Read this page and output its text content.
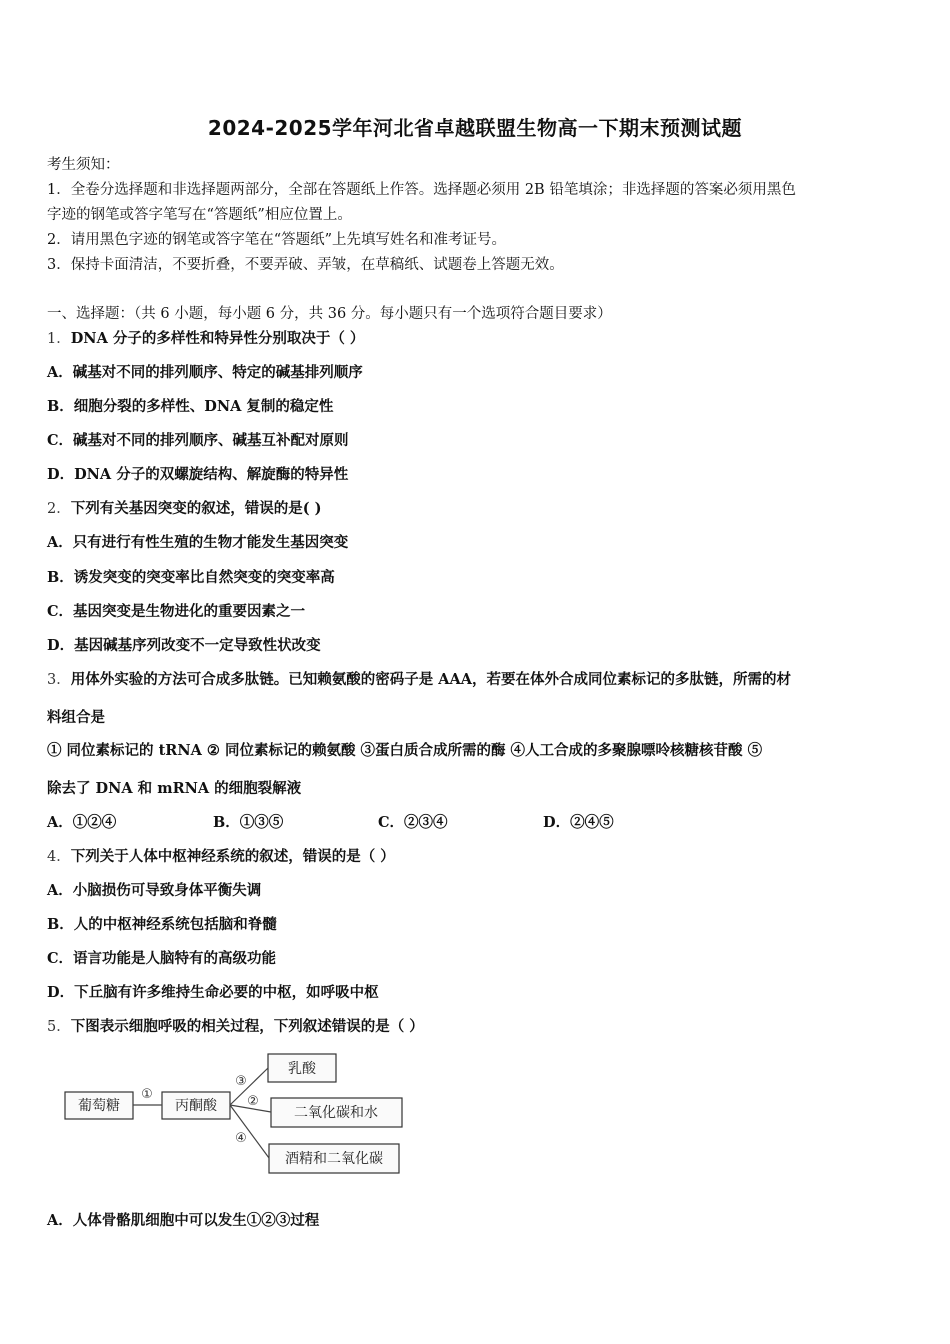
2024-2025学年河北省卓越联盟生物高一下期末预测试题
考生须知：
1．全卷分选择题和非选择题两部分，全部在答题纸上作答。选择题必须用 2B 铅笔填涂；非选择题的答案必须用黑色
字迹的钢笔或答字笔写在“答题纸”相应位置上。
2．请用黑色字迹的钢笔或答字笔在“答题纸”上先填写姓名和准考证号。
3．保持卡面清洁，不要折叠，不要弄破、弄皱，在草稿纸、试题卷上答题无效。
一、选择题：（共 6 小题，每小题 6 分，共 36 分。每小题只有一个选项符合题目要求）
1．DNA 分子的多样性和特异性分别取决于（ ）
A．碱基对不同的排列顺序、特定的碱基排列顺序
B．细胞分裂的多样性、DNA 复制的稳定性
C．碱基对不同的排列顺序、碱基互补配对原则
D．DNA 分子的双螺旋结构、解旋酶的特异性
2．下列有关基因突变的叙述，错误的是( )
A．只有进行有性生殖的生物才能发生基因突变
B．诱发突变的突变率比自然突变的突变率高
C．基因突变是生物进化的重要因素之一
D．基因碱基序列改变不一定导致性状改变
3．用体外实验的方法可合成多肽链。已知赖氨酸的密码子是 AAA，若要在体外合成同位素标记的多肽链，所需的材
料组合是
① 同位素标记的 tRNA ② 同位素标记的赖氨酸 ③蛋白质合成所需的酶 ④人工合成的多聚腺嘌呤核糖核苷酸 ⑤
除去了 DNA 和 mRNA 的细胞裂解液
A．①②④	B．①③⑤	C．②③④	D．②④⑤
4．下列关于人体中枢神经系统的叙述，错误的是（ ）
A．小脑损伤可导致身体平衡失调
B．人的中枢神经系统包括脑和脊髓
C．语言功能是人脑特有的高级功能
D．下丘脑有许多维持生命必要的中枢，如呼吸中枢
5．下图表示细胞呼吸的相关过程，下列叙述错误的是（ ）
葡萄糖	丙酮酸
乳酸
二氧化碳和水
酒精和二氧化碳
①
③
②
④
A．人体骨骼肌细胞中可以发生①②③过程
